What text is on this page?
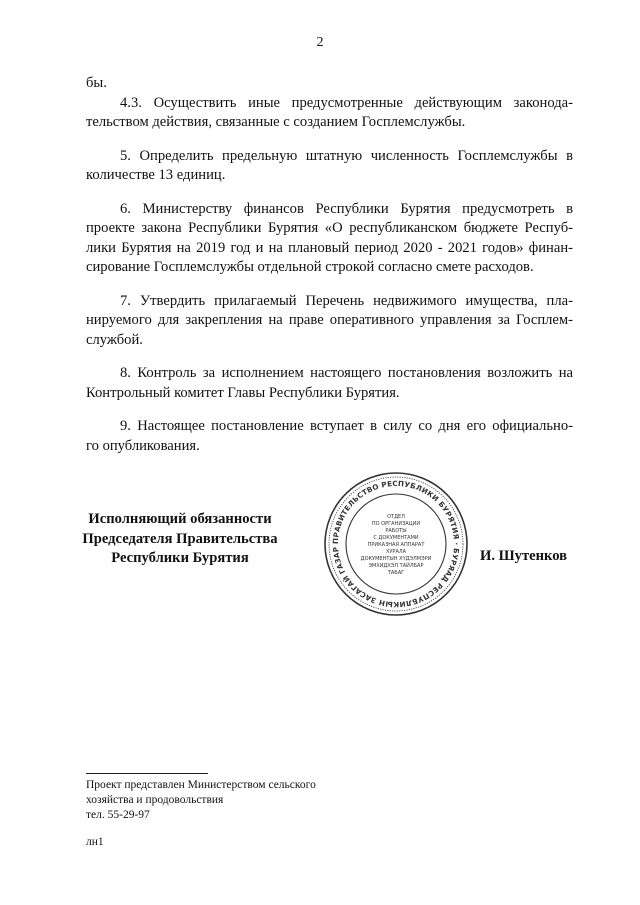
2

бы.

4.3. Осуществить иные предусмотренные действующим законода-
тельством действия, связанные с созданием Госплемслужбы.

5. Определить предельную штатную численность Госплемслужбы в
количестве 13 единиц.

6. Министерству финансов Республики Бурятия предусмотреть в
проекте закона Республики Бурятия «О республиканском бюджете Респуб-
лики Бурятия на 2019 год и на плановый период 2020 - 2021 годов» финан-
сирование Госплемслужбы отдельной строкой согласно смете расходов.

7. Утвердить прилагаемый Перечень недвижимого имущества, пла-
нируемого для закрепления на праве оперативного управления за Госплем-
службой.

8. Контроль за исполнением настоящего постановления возложить на
Контрольный комитет Главы Республики Бурятия.

9. Настоящее постановление вступает в силу со дня его официально-
го опубликования.

Исполняющий обязанности
Председателя Правительства
Республики Бурятия
ПРАВИТЕЛЬСТВО РЕСПУБЛИКИ БУРЯТИЯ · БУРЯАД РЕСПУБЛИКЫН ЗАСАГАЙ ГАЗАР
ОТДЕЛ
ПО ОРГАНИЗАЦИИ
РАБОТЫ
С ДОКУМЕНТАМИ
ПРИКАЗНАЯ АППАРАТ
ХУРАЛА
ДОКУМЕНТЫН ХҮДЭЛМЭРИ
ЭМХИДХЭЛ ТАЙЛБАР
ТАБАГ
И. Шутенков
Проект представлен Министерством сельского
хозяйства и продовольствия
тел. 55-29-97
лн1
